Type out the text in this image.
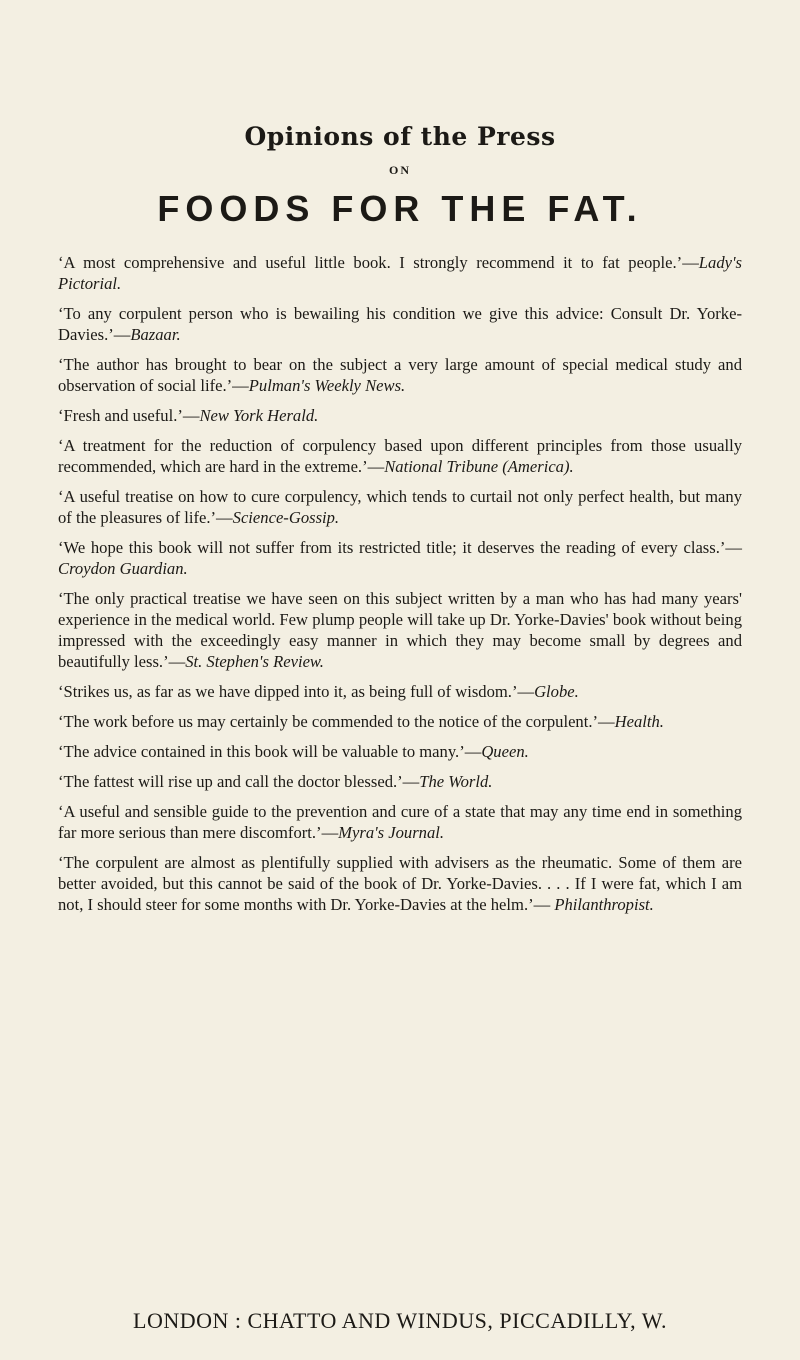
Opinions of the Press
ON
FOODS FOR THE FAT.

‘A most comprehensive and useful little book. I strongly recommend it to fat people.’—Lady's Pictorial.

‘To any corpulent person who is bewailing his condition we give this advice: Consult Dr. Yorke-Davies.’—Bazaar.

‘The author has brought to bear on the subject a very large amount of special medical study and observation of social life.’—Pulman's Weekly News.

‘Fresh and useful.’—New York Herald.

‘A treatment for the reduction of corpulency based upon different principles from those usually recommended, which are hard in the extreme.’—National Tribune (America).

‘A useful treatise on how to cure corpulency, which tends to curtail not only perfect health, but many of the pleasures of life.’—Science-Gossip.

‘We hope this book will not suffer from its restricted title; it deserves the reading of every class.’—Croydon Guardian.

‘The only practical treatise we have seen on this subject written by a man who has had many years' experience in the medical world. Few plump people will take up Dr. Yorke-Davies' book without being impressed with the exceedingly easy manner in which they may become small by degrees and beautifully less.’—St. Stephen's Review.

‘Strikes us, as far as we have dipped into it, as being full of wisdom.’—Globe.

‘The work before us may certainly be commended to the notice of the corpulent.’—Health.

‘The advice contained in this book will be valuable to many.’—Queen.

‘The fattest will rise up and call the doctor blessed.’—The World.

‘A useful and sensible guide to the prevention and cure of a state that may any time end in something far more serious than mere discomfort.’—Myra's Journal.

‘The corpulent are almost as plentifully supplied with advisers as the rheumatic. Some of them are better avoided, but this cannot be said of the book of Dr. Yorke-Davies. . . . If I were fat, which I am not, I should steer for some months with Dr. Yorke-Davies at the helm.’— Philanthropist.

LONDON : CHATTO AND WINDUS, PICCADILLY, W.
